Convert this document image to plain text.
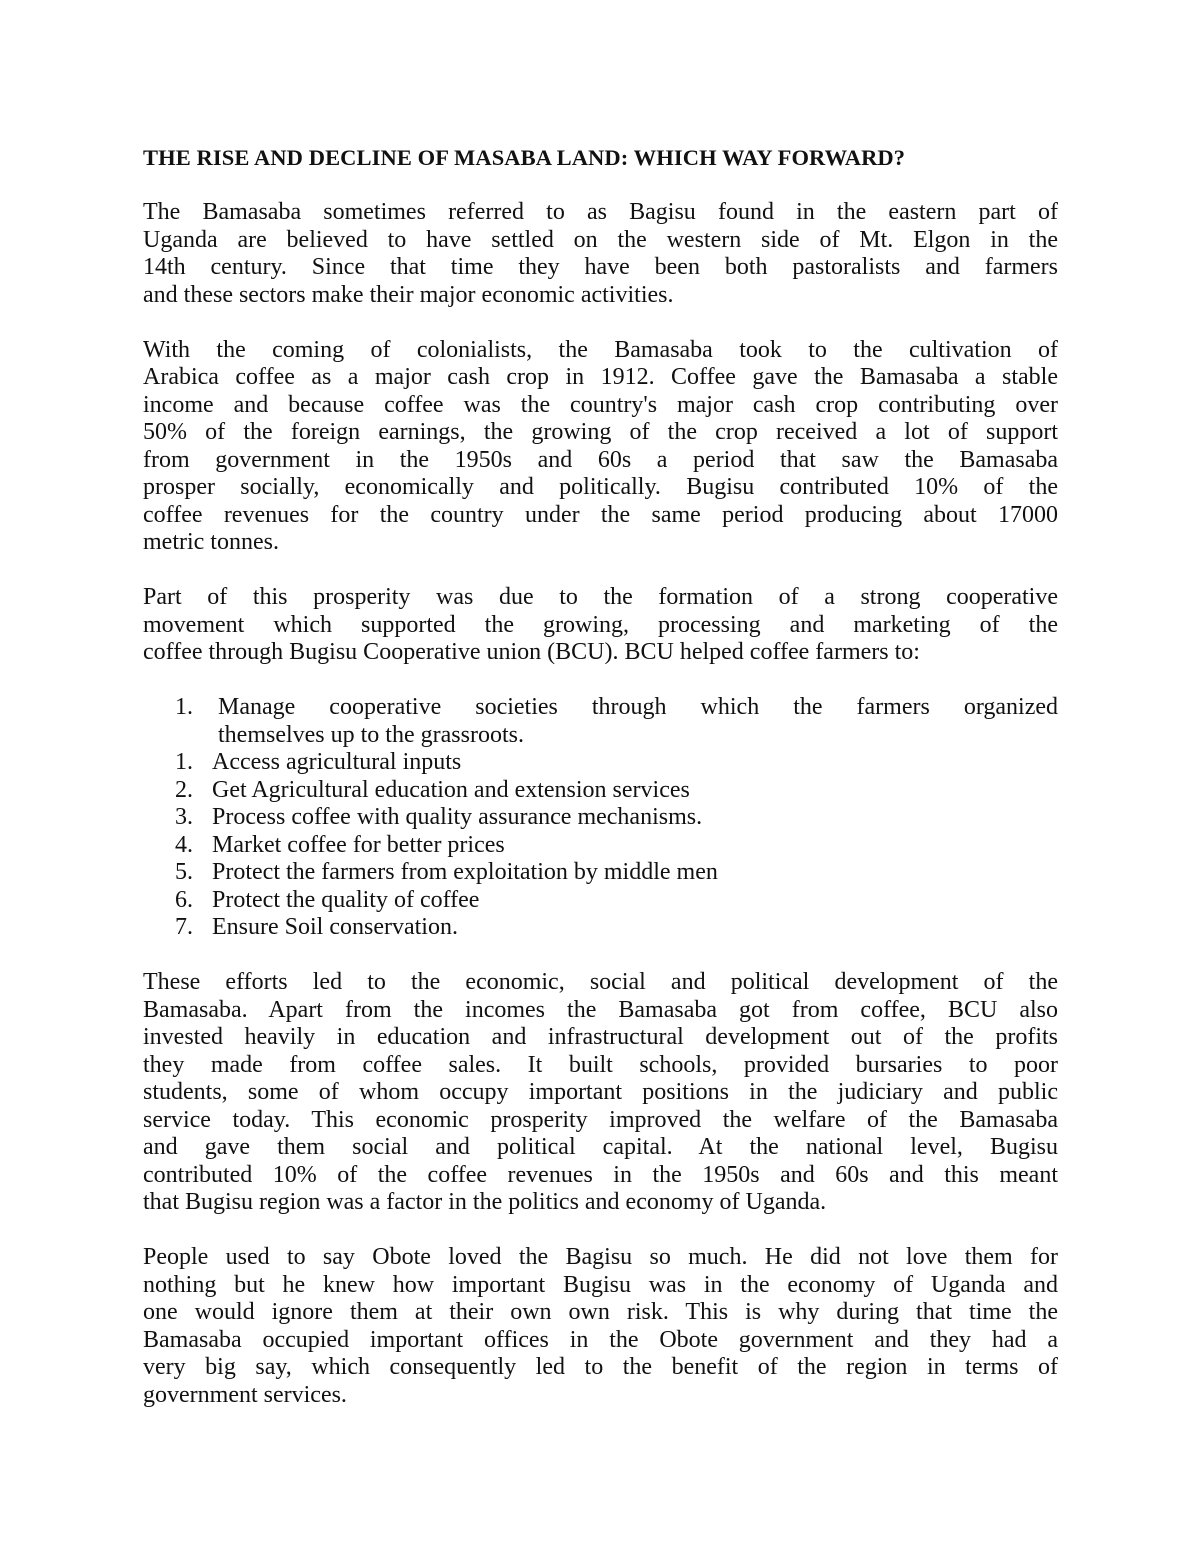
THE RISE AND DECLINE OF MASABA LAND: WHICH WAY FORWARD?
The Bamasaba sometimes referred to as Bagisu found in the eastern part of
Uganda are believed to have settled on the western side of Mt. Elgon in the
14th century. Since that time they have been both pastoralists and farmers
and these sectors make their major economic activities.
With the coming of colonialists, the Bamasaba took to the cultivation of
Arabica coffee as a major cash crop in 1912. Coffee gave the Bamasaba a stable
income and because coffee was the country's major cash crop contributing over
50% of the foreign earnings, the growing of the crop received a lot of support
from government in the 1950s and 60s a period that saw the Bamasaba
prosper socially, economically and politically. Bugisu contributed 10% of the
coffee revenues for the country under the same period producing about 17000
metric tonnes.
Part of this prosperity was due to the formation of a strong cooperative
movement which supported the growing, processing and marketing of the
coffee through Bugisu Cooperative union (BCU). BCU helped coffee farmers to:
1. Manage cooperative societies through which the farmers organized
themselves up to the grassroots.
1. Access agricultural inputs
2. Get Agricultural education and extension services
3. Process coffee with quality assurance mechanisms.
4. Market coffee for better prices
5. Protect the farmers from exploitation by middle men
6. Protect the quality of coffee
7. Ensure Soil conservation.
These efforts led to the economic, social and political development of the
Bamasaba. Apart from the incomes the Bamasaba got from coffee, BCU also
invested heavily in education and infrastructural development out of the profits
they made from coffee sales. It built schools, provided bursaries to poor
students, some of whom occupy important positions in the judiciary and public
service today. This economic prosperity improved the welfare of the Bamasaba
and gave them social and political capital. At the national level, Bugisu
contributed 10% of the coffee revenues in the 1950s and 60s and this meant
that Bugisu region was a factor in the politics and economy of Uganda.
People used to say Obote loved the Bagisu so much. He did not love them for
nothing but he knew how important Bugisu was in the economy of Uganda and
one would ignore them at their own own risk. This is why during that time the
Bamasaba occupied important offices in the Obote government and they had a
very big say, which consequently led to the benefit of the region in terms of
government services.
